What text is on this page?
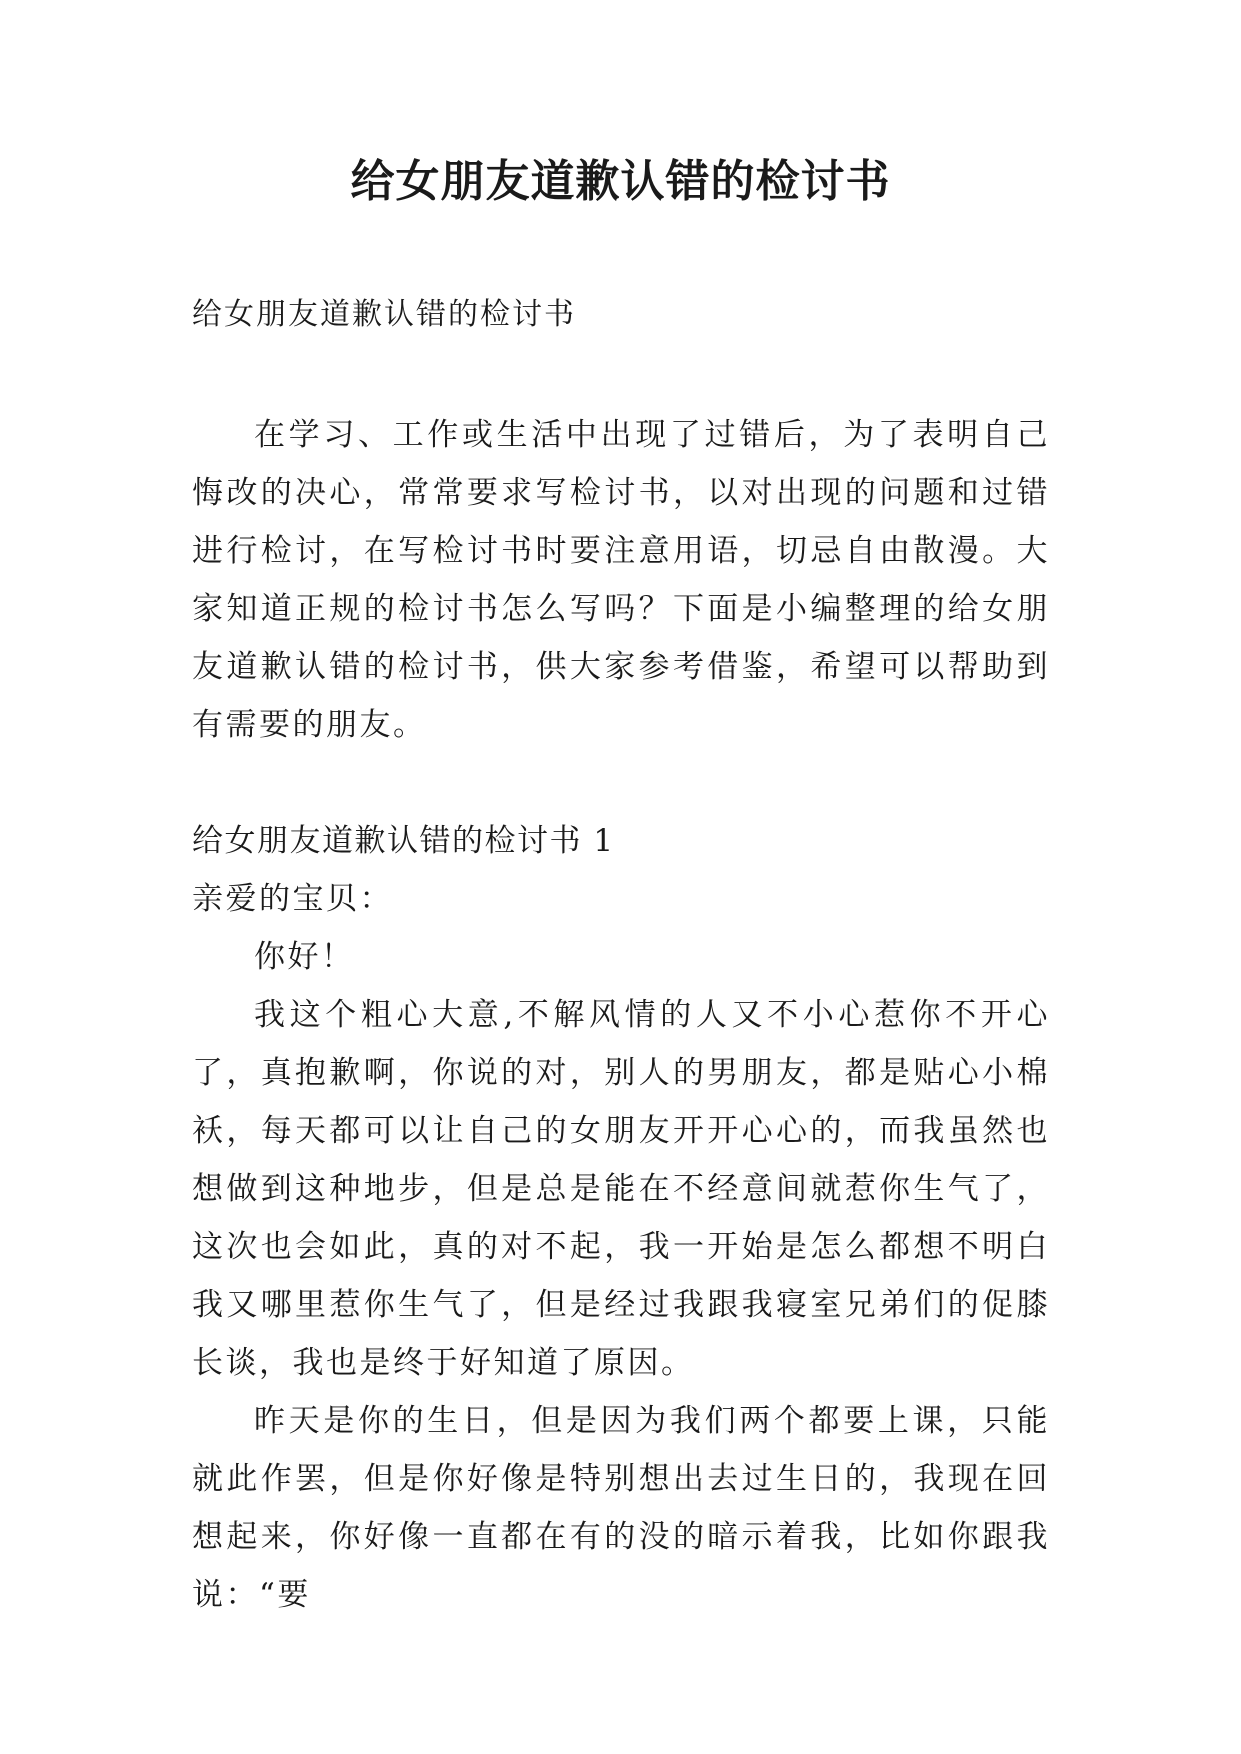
给女朋友道歉认错的检讨书

给女朋友道歉认错的检讨书

在学习、工作或生活中出现了过错后，为了表明自己悔改的决心，常常要求写检讨书，以对出现的问题和过错进行检讨，在写检讨书时要注意用语，切忌自由散漫。大家知道正规的检讨书怎么写吗？下面是小编整理的给女朋友道歉认错的检讨书，供大家参考借鉴，希望可以帮助到有需要的朋友。

给女朋友道歉认错的检讨书 1

亲爱的宝贝：

你好！

我这个粗心大意,不解风情的人又不小心惹你不开心了，真抱歉啊，你说的对，别人的男朋友，都是贴心小棉袄，每天都可以让自己的女朋友开开心心的，而我虽然也想做到这种地步，但是总是能在不经意间就惹你生气了，这次也会如此，真的对不起，我一开始是怎么都想不明白我又哪里惹你生气了，但是经过我跟我寝室兄弟们的促膝长谈，我也是终于好知道了原因。

昨天是你的生日，但是因为我们两个都要上课，只能就此作罢，但是你好像是特别想出去过生日的，我现在回想起来，你好像一直都在有的没的暗示着我，比如你跟我说：“要
